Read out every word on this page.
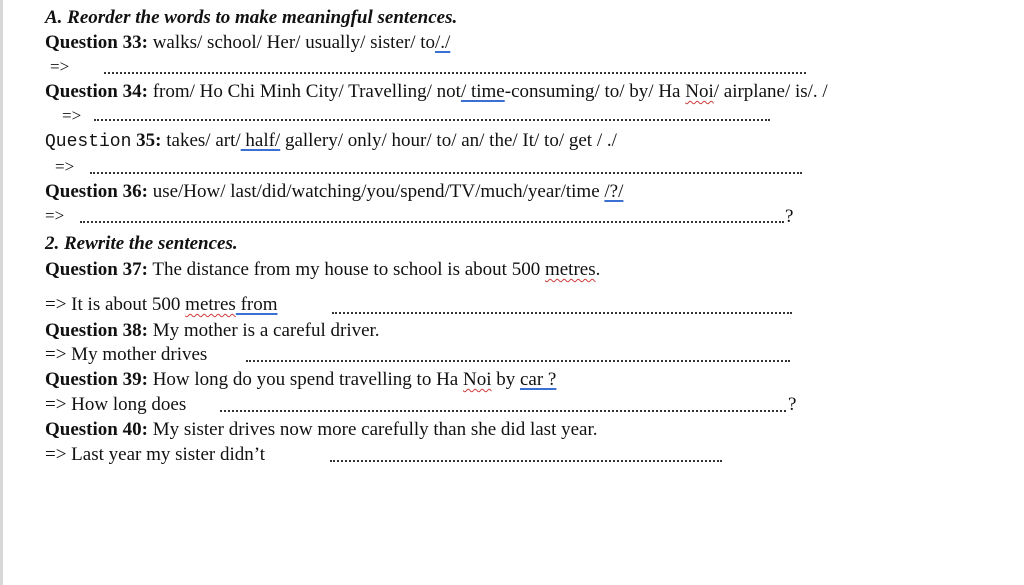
A. Reorder the words to make meaningful sentences.
Question 33: walks/ school/ Her/ usually/ sister/ to/./
=>
Question 34: from/ Ho Chi Minh City/ Travelling/ not/ time-consuming/ to/ by/ Ha Noi/ airplane/ is/. /
=>
Question 35: takes/ art/ half/ gallery/ only/ hour/ to/ an/ the/ It/ to/ get / ./
=>
Question 36: use/How/ last/did/watching/you/spend/TV/much/year/time /?/
=>	?
2. Rewrite the sentences.
Question 37: The distance from my house to school is about 500 metres.
=> It is about 500 metres from
Question 38: My mother is a careful driver.
=> My mother drives
Question 39: How long do you spend travelling to Ha Noi by car ?
=> How long does	?
Question 40: My sister drives now more carefully than she did last year.
=> Last year my sister didn’t
